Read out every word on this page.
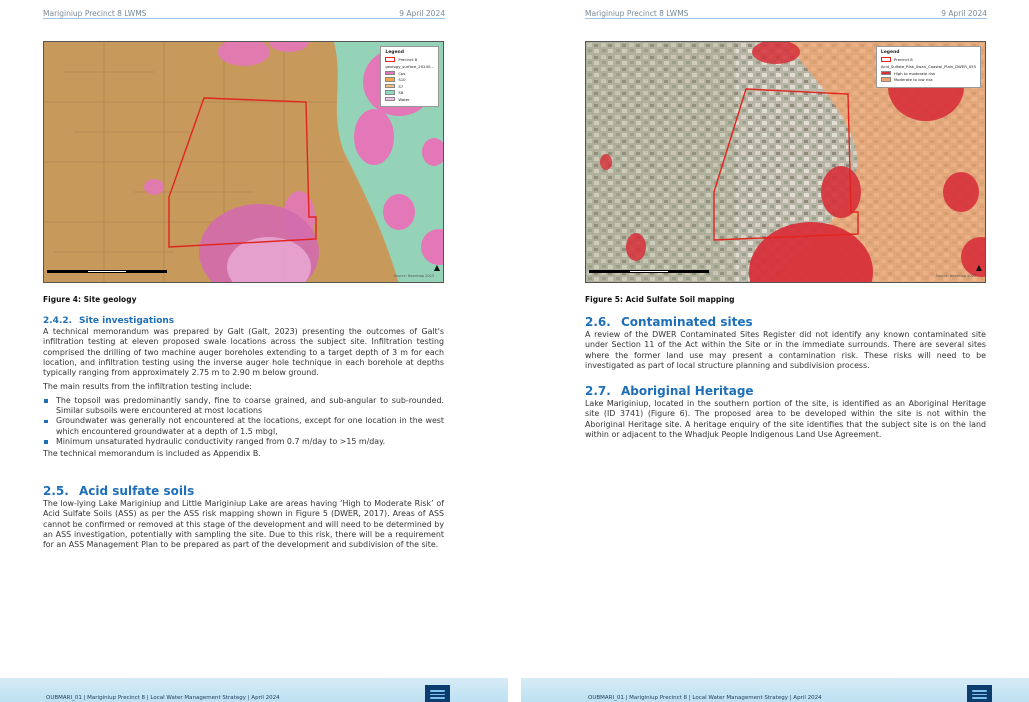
Mariginiup Precinct 8 LWMS	9 April 2024
Legend
Precinct 8
geology_surface_20240...
Cps
S10
S7
S8
Water
▲
Source: Nearmap 2023
Figure 4: Site geology
2.4.2. Site investigations

A technical memorandum was prepared by Galt (Galt, 2023) presenting the outcomes of Galt's infiltration testing at eleven proposed swale locations across the subject site. Infiltration testing comprised the drilling of two machine auger boreholes extending to a target depth of 3 m for each location, and infiltration testing using the inverse auger hole technique in each borehole at depths typically ranging from approximately 2.75 m to 2.90 m below ground.

The main results from the infiltration testing include:

The topsoil was predominantly sandy, fine to coarse grained, and sub-angular to sub-rounded. Similar subsoils were encountered at most locations
Groundwater was generally not encountered at the locations, except for one location in the west which encountered groundwater at a depth of 1.5 mbgl,
Minimum unsaturated hydraulic conductivity ranged from 0.7 m/day to >15 m/day.

The technical memorandum is included as Appendix B.

2.5. Acid sulfate soils

The low-lying Lake Mariginiup and Little Mariginiup Lake are areas having ‘High to Moderate Risk’ of Acid Sulfate Soils (ASS) as per the ASS risk mapping shown in Figure 5 (DWER, 2017). Areas of ASS cannot be confirmed or removed at this stage of the development and will need to be determined by an ASS investigation, potentially with sampling the site. Due to this risk, there will be a requirement for an ASS Management Plan to be prepared as part of the development and subdivision of the site.

OUBMARI_01 | Mariginiup Precinct 8 | Local Water Management Strategy | April 2024
Mariginiup Precinct 8 LWMS	9 April 2024
Legend
Precinct 8
Acid_Sulfate_Risk_Swan_Coastal_Plain_DWER_055
High to moderate risk
Moderate to low risk
▲
Source: Nearmap 2023
Figure 5: Acid Sulfate Soil mapping
2.6. Contaminated sites

A review of the DWER Contaminated Sites Register did not identify any known contaminated site under Section 11 of the Act within the Site or in the immediate surrounds. There are several sites where the former land use may present a contamination risk. These risks will need to be investigated as part of local structure planning and subdivision process.

2.7. Aboriginal Heritage

Lake Mariginiup, located in the southern portion of the site, is identified as an Aboriginal Heritage site (ID 3741) (Figure 6). The proposed area to be developed within the site is not within the Aboriginal Heritage site. A heritage enquiry of the site identifies that the subject site is on the land within or adjacent to the Whadjuk People Indigenous Land Use Agreement.

OUBMARI_01 | Mariginiup Precinct 8 | Local Water Management Strategy | April 2024
